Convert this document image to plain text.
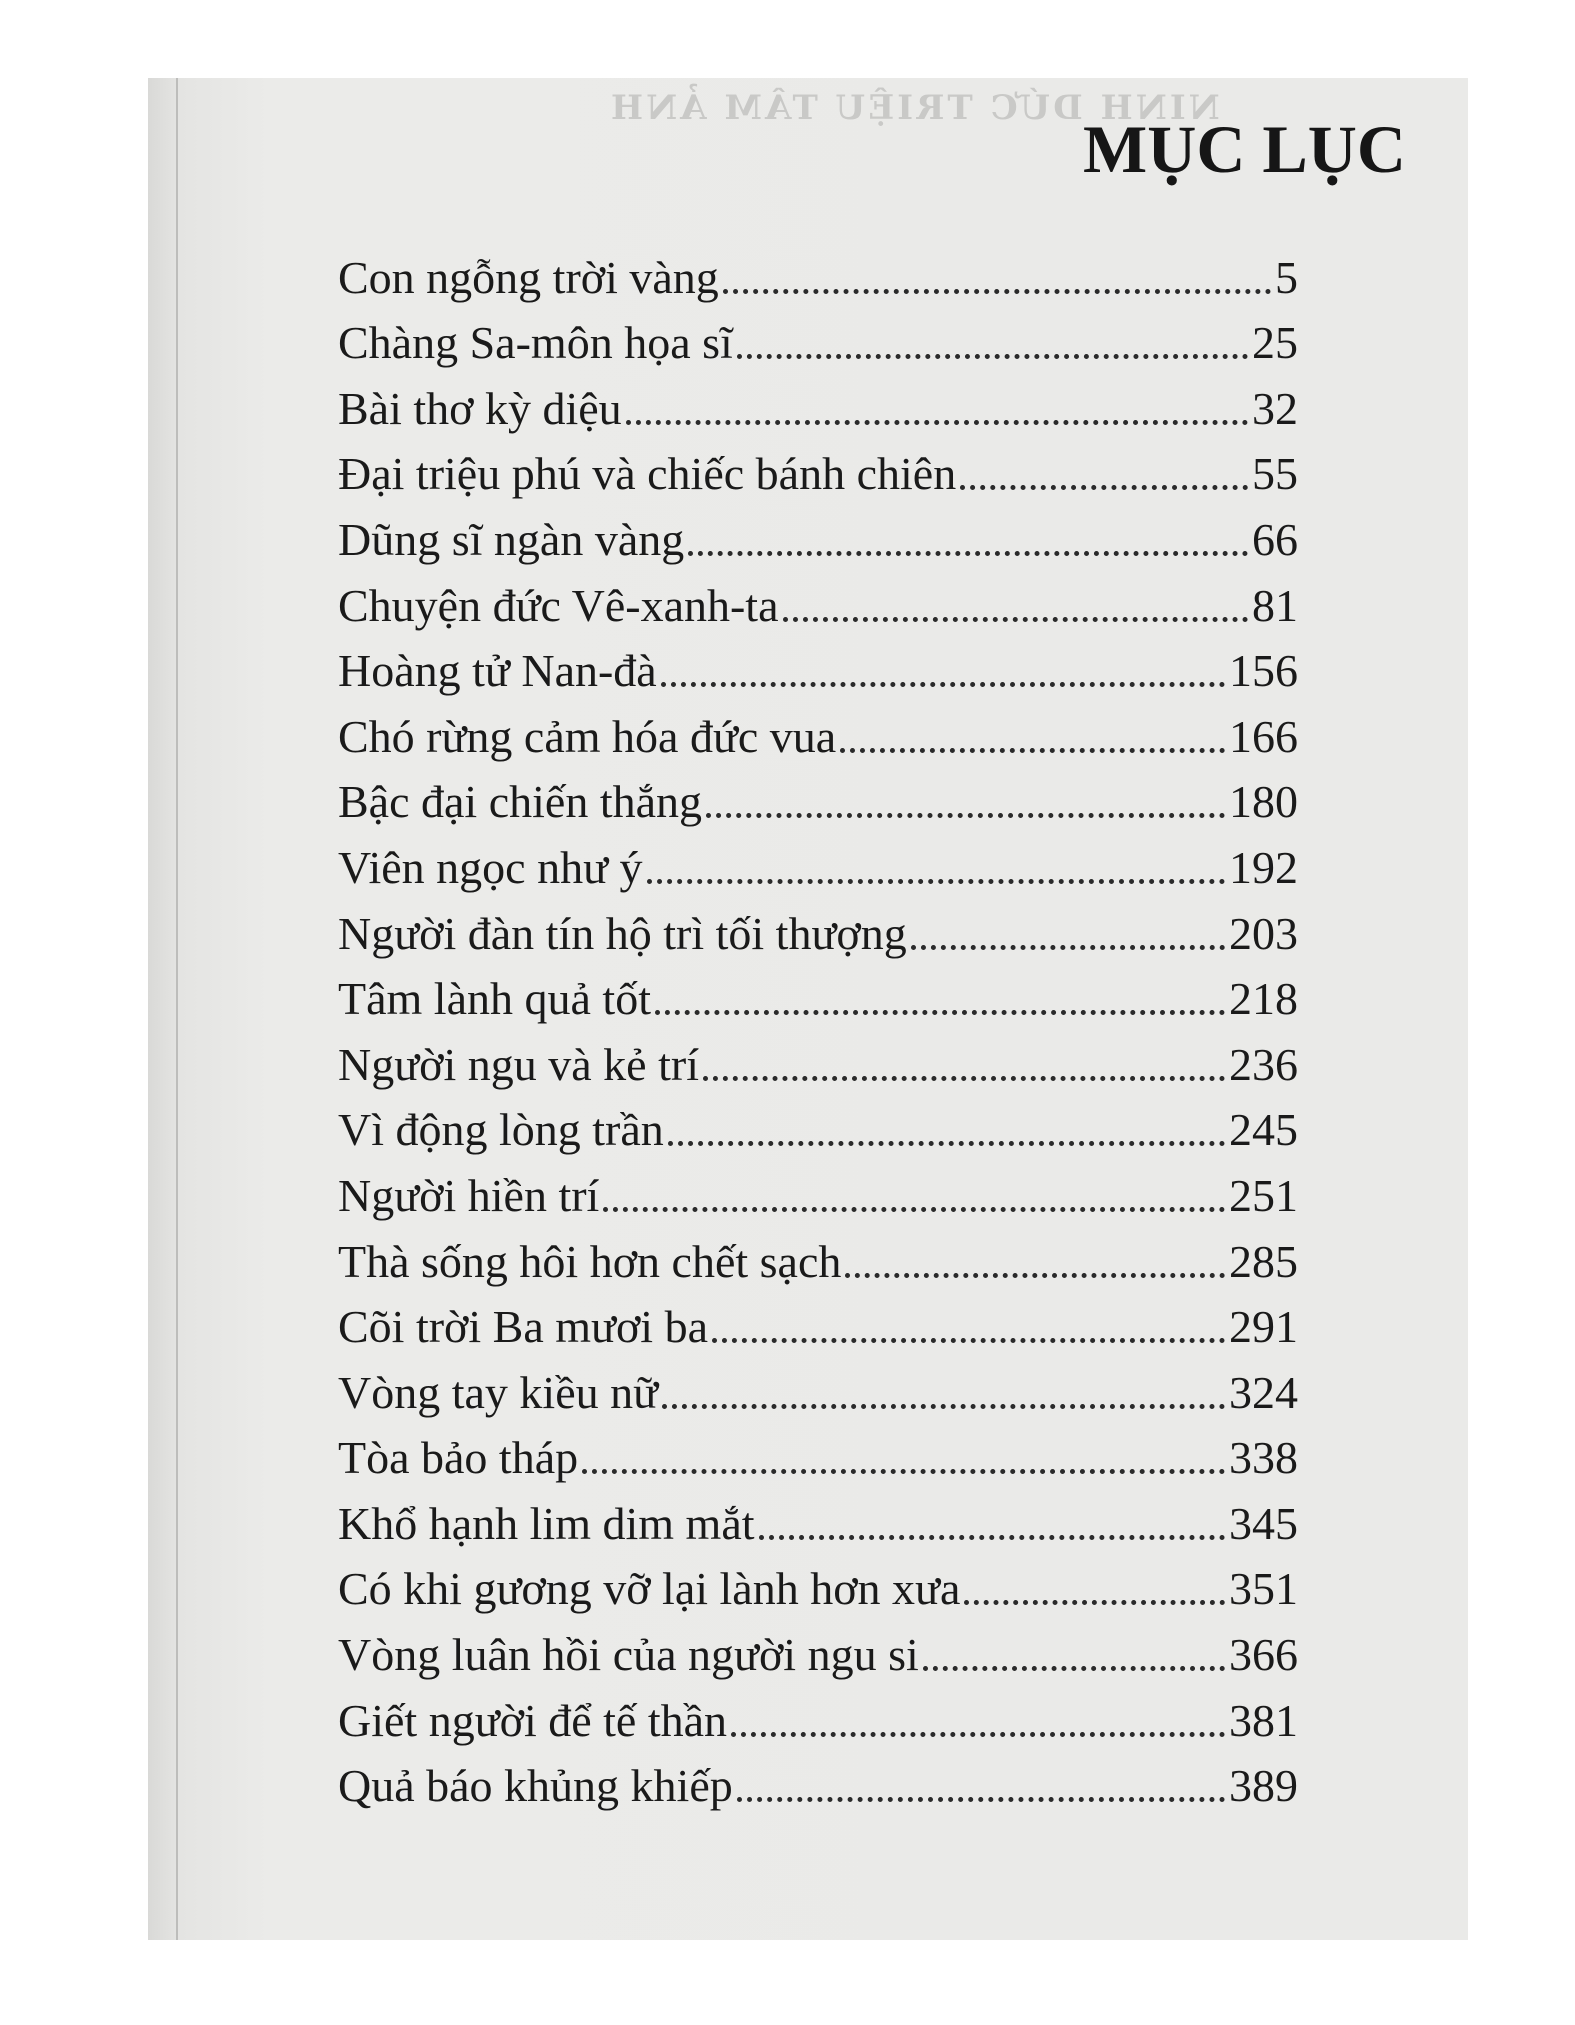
NINH DỨC TRIỆU TÂM ẢNH
MỤC LỤC
Con ngỗng trời vàng	5
Chàng Sa-môn họa sĩ	25
Bài thơ kỳ diệu	32
Đại triệu phú và chiếc bánh chiên	55
Dũng sĩ ngàn vàng	66
Chuyện đức Vê-xanh-ta	81
Hoàng tử Nan-đà	156
Chó rừng cảm hóa đức vua	166
Bậc đại chiến thắng	180
Viên ngọc như ý	192
Người đàn tín hộ trì tối thượng	203
Tâm lành quả tốt	218
Người ngu và kẻ trí	236
Vì động lòng trần	245
Người hiền trí	251
Thà sống hôi hơn chết sạch	285
Cõi trời Ba mươi ba	291
Vòng tay kiều nữ	324
Tòa bảo tháp	338
Khổ hạnh lim dim mắt	345
Có khi gương vỡ lại lành hơn xưa	351
Vòng luân hồi của người ngu si	366
Giết người để tế thần	381
Quả báo khủng khiếp	389
